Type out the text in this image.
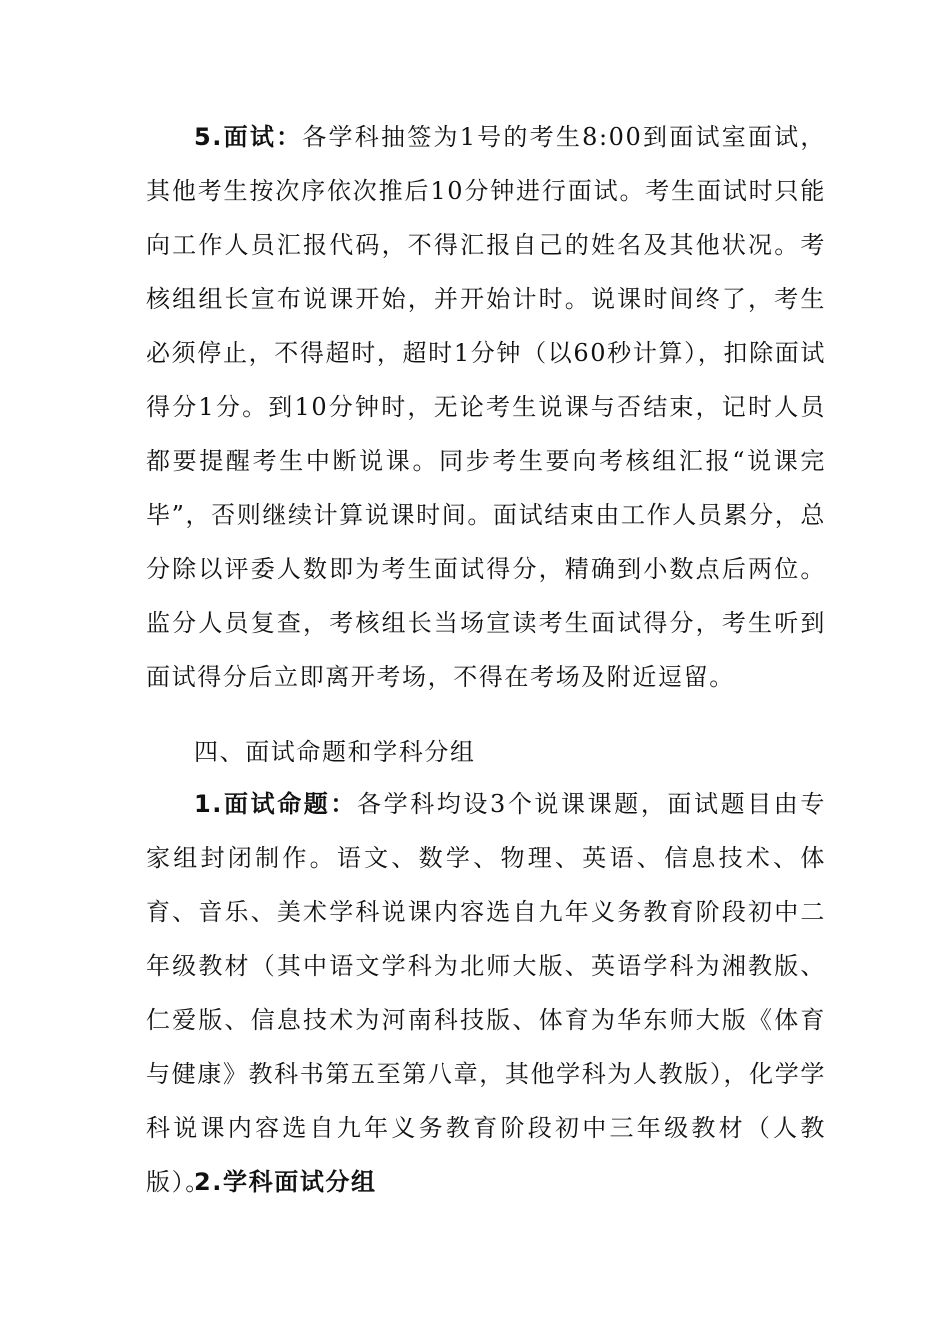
5.面试：各学科抽签为1号的考生8:00到面试室面试，其他考生按次序依次推后10分钟进行面试。考生面试时只能向工作人员汇报代码，不得汇报自己的姓名及其他状况。考核组组长宣布说课开始，并开始计时。说课时间终了，考生必须停止，不得超时，超时1分钟（以60秒计算），扣除面试得分1分。到10分钟时，无论考生说课与否结束，记时人员都要提醒考生中断说课。同步考生要向考核组汇报“说课完毕”，否则继续计算说课时间。面试结束由工作人员累分，总分除以评委人数即为考生面试得分，精确到小数点后两位。监分人员复查，考核组长当场宣读考生面试得分，考生听到面试得分后立即离开考场，不得在考场及附近逗留。

四、面试命题和学科分组

1.面试命题：各学科均设3个说课课题，面试题目由专家组封闭制作。语文、数学、物理、英语、信息技术、体育、音乐、美术学科说课内容选自九年义务教育阶段初中二年级教材（其中语文学科为北师大版、英语学科为湘教版、仁爱版、信息技术为河南科技版、体育为华东师大版《体育与健康》教科书第五至第八章，其他学科为人教版），化学学科说课内容选自九年义务教育阶段初中三年级教材（人教版）。

2.学科面试分组
